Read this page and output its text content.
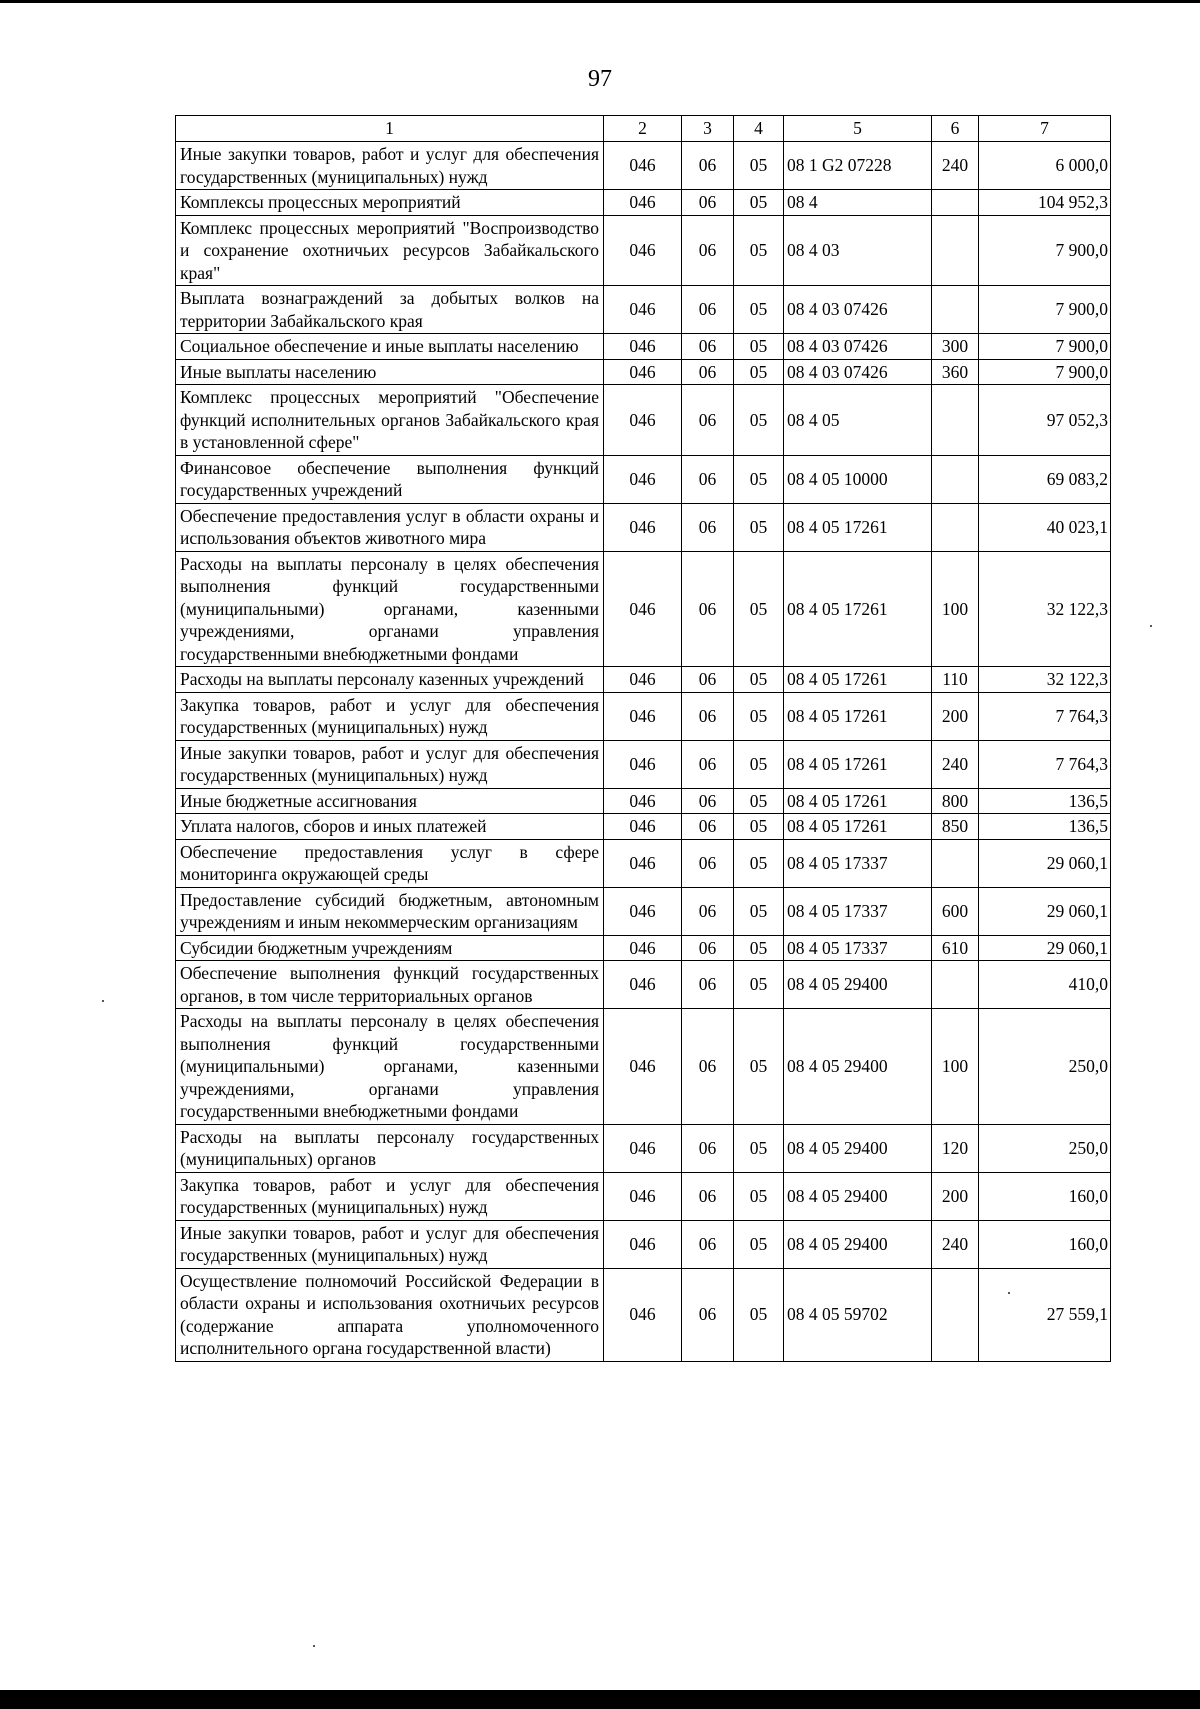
97
1	2	3	4	5	6	7
Иные закупки товаров, работ и услуг для обеспечения государственных (муниципальных) нужд	046	06	05	08 1 G2 07228	240	6 000,0
Комплексы процессных мероприятий	046	06	05	08 4		104 952,3
Комплекс процессных мероприятий "Воспроизводство и сохранение охотничьих ресурсов Забайкальского края"	046	06	05	08 4 03		7 900,0
Выплата вознаграждений за добытых волков на территории Забайкальского края	046	06	05	08 4 03 07426		7 900,0
Социальное обеспечение и иные выплаты населению	046	06	05	08 4 03 07426	300	7 900,0
Иные выплаты населению	046	06	05	08 4 03 07426	360	7 900,0
Комплекс процессных мероприятий "Обеспечение функций исполнительных органов Забайкальского края в установленной сфере"	046	06	05	08 4 05		97 052,3
Финансовое обеспечение выполнения функций государственных учреждений	046	06	05	08 4 05 10000		69 083,2
Обеспечение предоставления услуг в области охраны и использования объектов животного мира	046	06	05	08 4 05 17261		40 023,1
Расходы на выплаты персоналу в целях обеспечения выполнения функций государственными (муниципальными) органами, казенными учреждениями, органами управления государственными внебюджетными фондами	046	06	05	08 4 05 17261	100	32 122,3
Расходы на выплаты персоналу казенных учреждений	046	06	05	08 4 05 17261	110	32 122,3
Закупка товаров, работ и услуг для обеспечения государственных (муниципальных) нужд	046	06	05	08 4 05 17261	200	7 764,3
Иные закупки товаров, работ и услуг для обеспечения государственных (муниципальных) нужд	046	06	05	08 4 05 17261	240	7 764,3
Иные бюджетные ассигнования	046	06	05	08 4 05 17261	800	136,5
Уплата налогов, сборов и иных платежей	046	06	05	08 4 05 17261	850	136,5
Обеспечение предоставления услуг в сфере мониторинга окружающей среды	046	06	05	08 4 05 17337		29 060,1
Предоставление субсидий бюджетным, автономным учреждениям и иным некоммерческим организациям	046	06	05	08 4 05 17337	600	29 060,1
Субсидии бюджетным учреждениям	046	06	05	08 4 05 17337	610	29 060,1
Обеспечение выполнения функций государственных органов, в том числе территориальных органов	046	06	05	08 4 05 29400		410,0
Расходы на выплаты персоналу в целях обеспечения выполнения функций государственными (муниципальными) органами, казенными учреждениями, органами управления государственными внебюджетными фондами	046	06	05	08 4 05 29400	100	250,0
Расходы на выплаты персоналу государственных (муниципальных) органов	046	06	05	08 4 05 29400	120	250,0
Закупка товаров, работ и услуг для обеспечения государственных (муниципальных) нужд	046	06	05	08 4 05 29400	200	160,0
Иные закупки товаров, работ и услуг для обеспечения государственных (муниципальных) нужд	046	06	05	08 4 05 29400	240	160,0
Осуществление полномочий Российской Федерации в области охраны и использования охотничьих ресурсов (содержание аппарата уполномоченного исполнительного органа государственной власти)	046	06	05	08 4 05 59702		27 559,1
